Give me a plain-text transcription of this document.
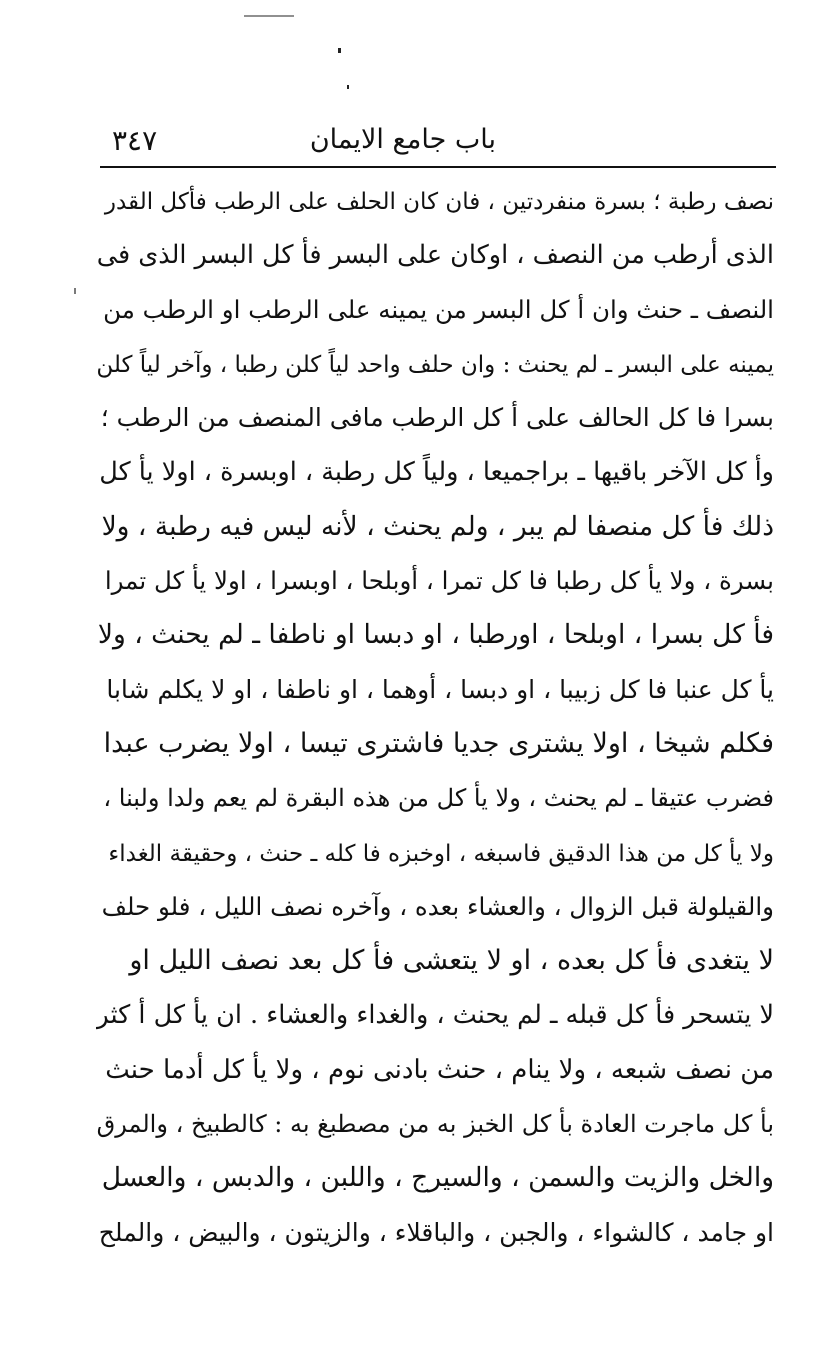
باب جامع الايمان
٣٤٧
نصف رطبة ؛ بسرة منفردتين ، فان كان الحلف على الرطب فأكل القدر
الذى أرطب من النصف ، اوكان على البسر فأ كل البسر الذى فى
النصف ـ حنث وان أ كل البسر من يمينه على الرطب او الرطب من
يمينه على البسر ـ لم يحنث : وان حلف واحد لياً كلن رطبا ، وآخر لياً كلن
بسرا فا كل الحالف على أ كل الرطب مافى المنصف من الرطب ؛
وأ كل الآخر باقيها ـ براجميعا ، ولياً كل رطبة ، اوبسرة ، اولا يأ كل
ذلك فأ كل منصفا لم يبر ، ولم يحنث ، لأنه ليس فيه رطبة ، ولا
بسرة ، ولا يأ كل رطبا فا كل تمرا ، أوبلحا ، اوبسرا ، اولا يأ كل تمرا
فأ كل بسرا ، اوبلحا ، اورطبا ، او دبسا او ناطفا ـ لم يحنث ، ولا
يأ كل عنبا فا كل زبيبا ، او دبسا ، أوهما ، او ناطفا ، او لا يكلم شابا
فكلم شيخا ، اولا يشترى جديا فاشترى تيسا ، اولا يضرب عبدا
فضرب عتيقا ـ لم يحنث ، ولا يأ كل من هذه البقرة لم يعم ولدا ولبنا ،
ولا يأ كل من هذا الدقيق فاسبغه ، اوخبزه فا كله ـ حنث ، وحقيقة الغداء
والقيلولة قبل الزوال ، والعشاء بعده ، وآخره نصف الليل ، فلو حلف
لا يتغدى فأ كل بعده ، او لا يتعشى فأ كل بعد نصف الليل او
لا يتسحر فأ كل قبله ـ لم يحنث ، والغداء والعشاء . ان يأ كل أ كثر
من نصف شبعه ، ولا ينام ، حنث بادنى نوم ، ولا يأ كل أدما حنث
بأ كل ماجرت العادة بأ كل الخبز به من مصطبغ به : كالطبيخ ، والمرق
والخل والزيت والسمن ، والسيرج ، واللبن ، والدبس ، والعسل
او جامد ، كالشواء ، والجبن ، والباقلاء ، والزيتون ، والبيض ، والملح
